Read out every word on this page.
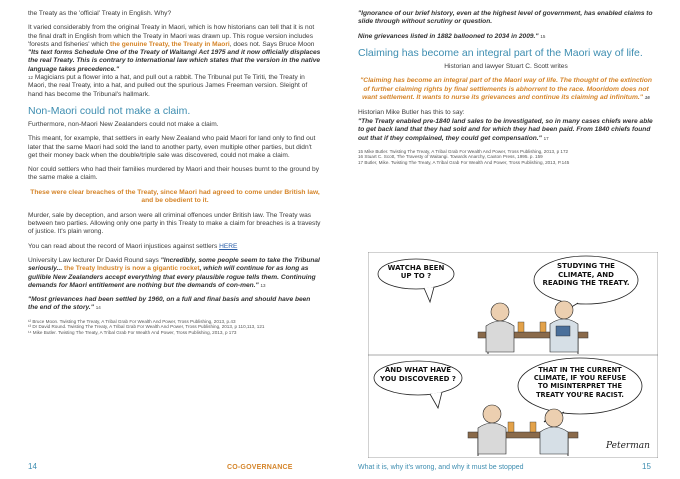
the Treaty as the 'official' Treaty in English. Why?

It varied considerably from the original Treaty in Maori, which is how historians can tell that it is not the final draft in English from which the Treaty in Maori was drawn up. This rogue version includes 'forests and fisheries' which the genuine Treaty, the Treaty in Maori, does not. Says Bruce Moon "Its text forms Schedule One of the Treaty of Waitangi Act 1975 and it now officially displaces the real Treaty. This is contrary to international law which states that the version in the native language takes precedence."
$^{12}$ Magicians put a flower into a hat, and pull out a rabbit. The Tribunal put Te Tiriti, the Treaty in Maori, the real Treaty, into a hat, and pulled out the spurious James Freeman version. Sleight of hand has become the Tribunal's hallmark.

Non-Maori could not make a claim.

Furthermore, non-Maori New Zealanders could not make a claim.

This meant, for example, that settlers in early New Zealand who paid Maori for land only to find out later that the same Maori had sold the land to another party, even multiple other parties, but didn't get their money back when the double/triple sale was discovered, could not make a claim.

Nor could settlers who had their families murdered by Maori and their houses burnt to the ground by the same make a claim.

These were clear breaches of the Treaty, since Maori had agreed to come under British law, and be obedient to it.

Murder, sale by deception, and arson were all criminal offences under British law. The Treaty was between two parties. Allowing only one party in this Treaty to make a claim for breaches is a travesty of justice. It's plain wrong.

You can read about the record of Maori injustices against settlers HERE

University Law lecturer Dr David Round says "Incredibly, some people seem to take the Tribunal seriously... the Treaty Industry is now a gigantic rocket, which will continue for as long as gullible New Zealanders accept everything that every plausible rogue tells them. Continuing demands for Maori entitlement are nothing but the demands of con-men." $^{13}$

"Most grievances had been settled by 1960, on a full and final basis and should have been the end of the story." $^{14}$

¹² Bruce Moon. Twisting The Treaty, A Tribal Grab For Wealth And Power, Tross Publishing, 2013, p.43

¹³ Dr David Round. Twisting The Treaty, A Tribal Grab For Wealth And Power, Tross Publishing, 2013, p 110,113, 121

¹⁴ Mike Butler. Twisting The Treaty, A Tribal Grab For Wealth And Power, Tross Publishing, 2013, p 173

14	CO-GOVERNANCE

"Ignorance of our brief history, even at the highest level of government, has enabled claims to slide through without scrutiny or question.

Nine grievances listed in 1882 ballooned to 2034 in 2009." $^{15}$

Claiming has become an integral part of the Maori way of life.

Historian and lawyer Stuart C. Scott writes

"Claiming has become an integral part of the Maori way of life. The thought of the extinction of further claiming rights by final settlements is abhorrent to the race. Mooridom does not want settlement. It wants to nurse its grievances and continue its claiming ad infinitum." $^{16}$

Historian Mike Butler has this to say:

"The Treaty enabled pre-1840 land sales to be investigated, so in many cases chiefs were able to get back land that they had sold and for which they had been paid. From 1840 chiefs found out that if they complained, they could get compensation." $^{17}$

15 Mike Butler. Twisting The Treaty, A Tribal Grab For Wealth And Power, Tross Publishing, 2013, p 172

16 Stuart C. Scott, The Travesty of Waitangi. Towards Anarchy, Caxton Press, 1995. p. 159

17 Butler, Mike. Twisting The Treaty, A Tribal Grab For Wealth And Power, Tross Publishing, 2013, P.145

WATCHA BEEN UP TO ?
STUDYING THE CLIMATE, AND READING THE TREATY.
AND WHAT HAVE YOU DISCOVERED ?
THAT IN THE CURRENT CLIMATE, IF YOU REFUSE TO MISINTERPRET THE TREATY YOU'RE RACIST.
Peterman
What it is, why it's wrong, and why it must be stopped	15
